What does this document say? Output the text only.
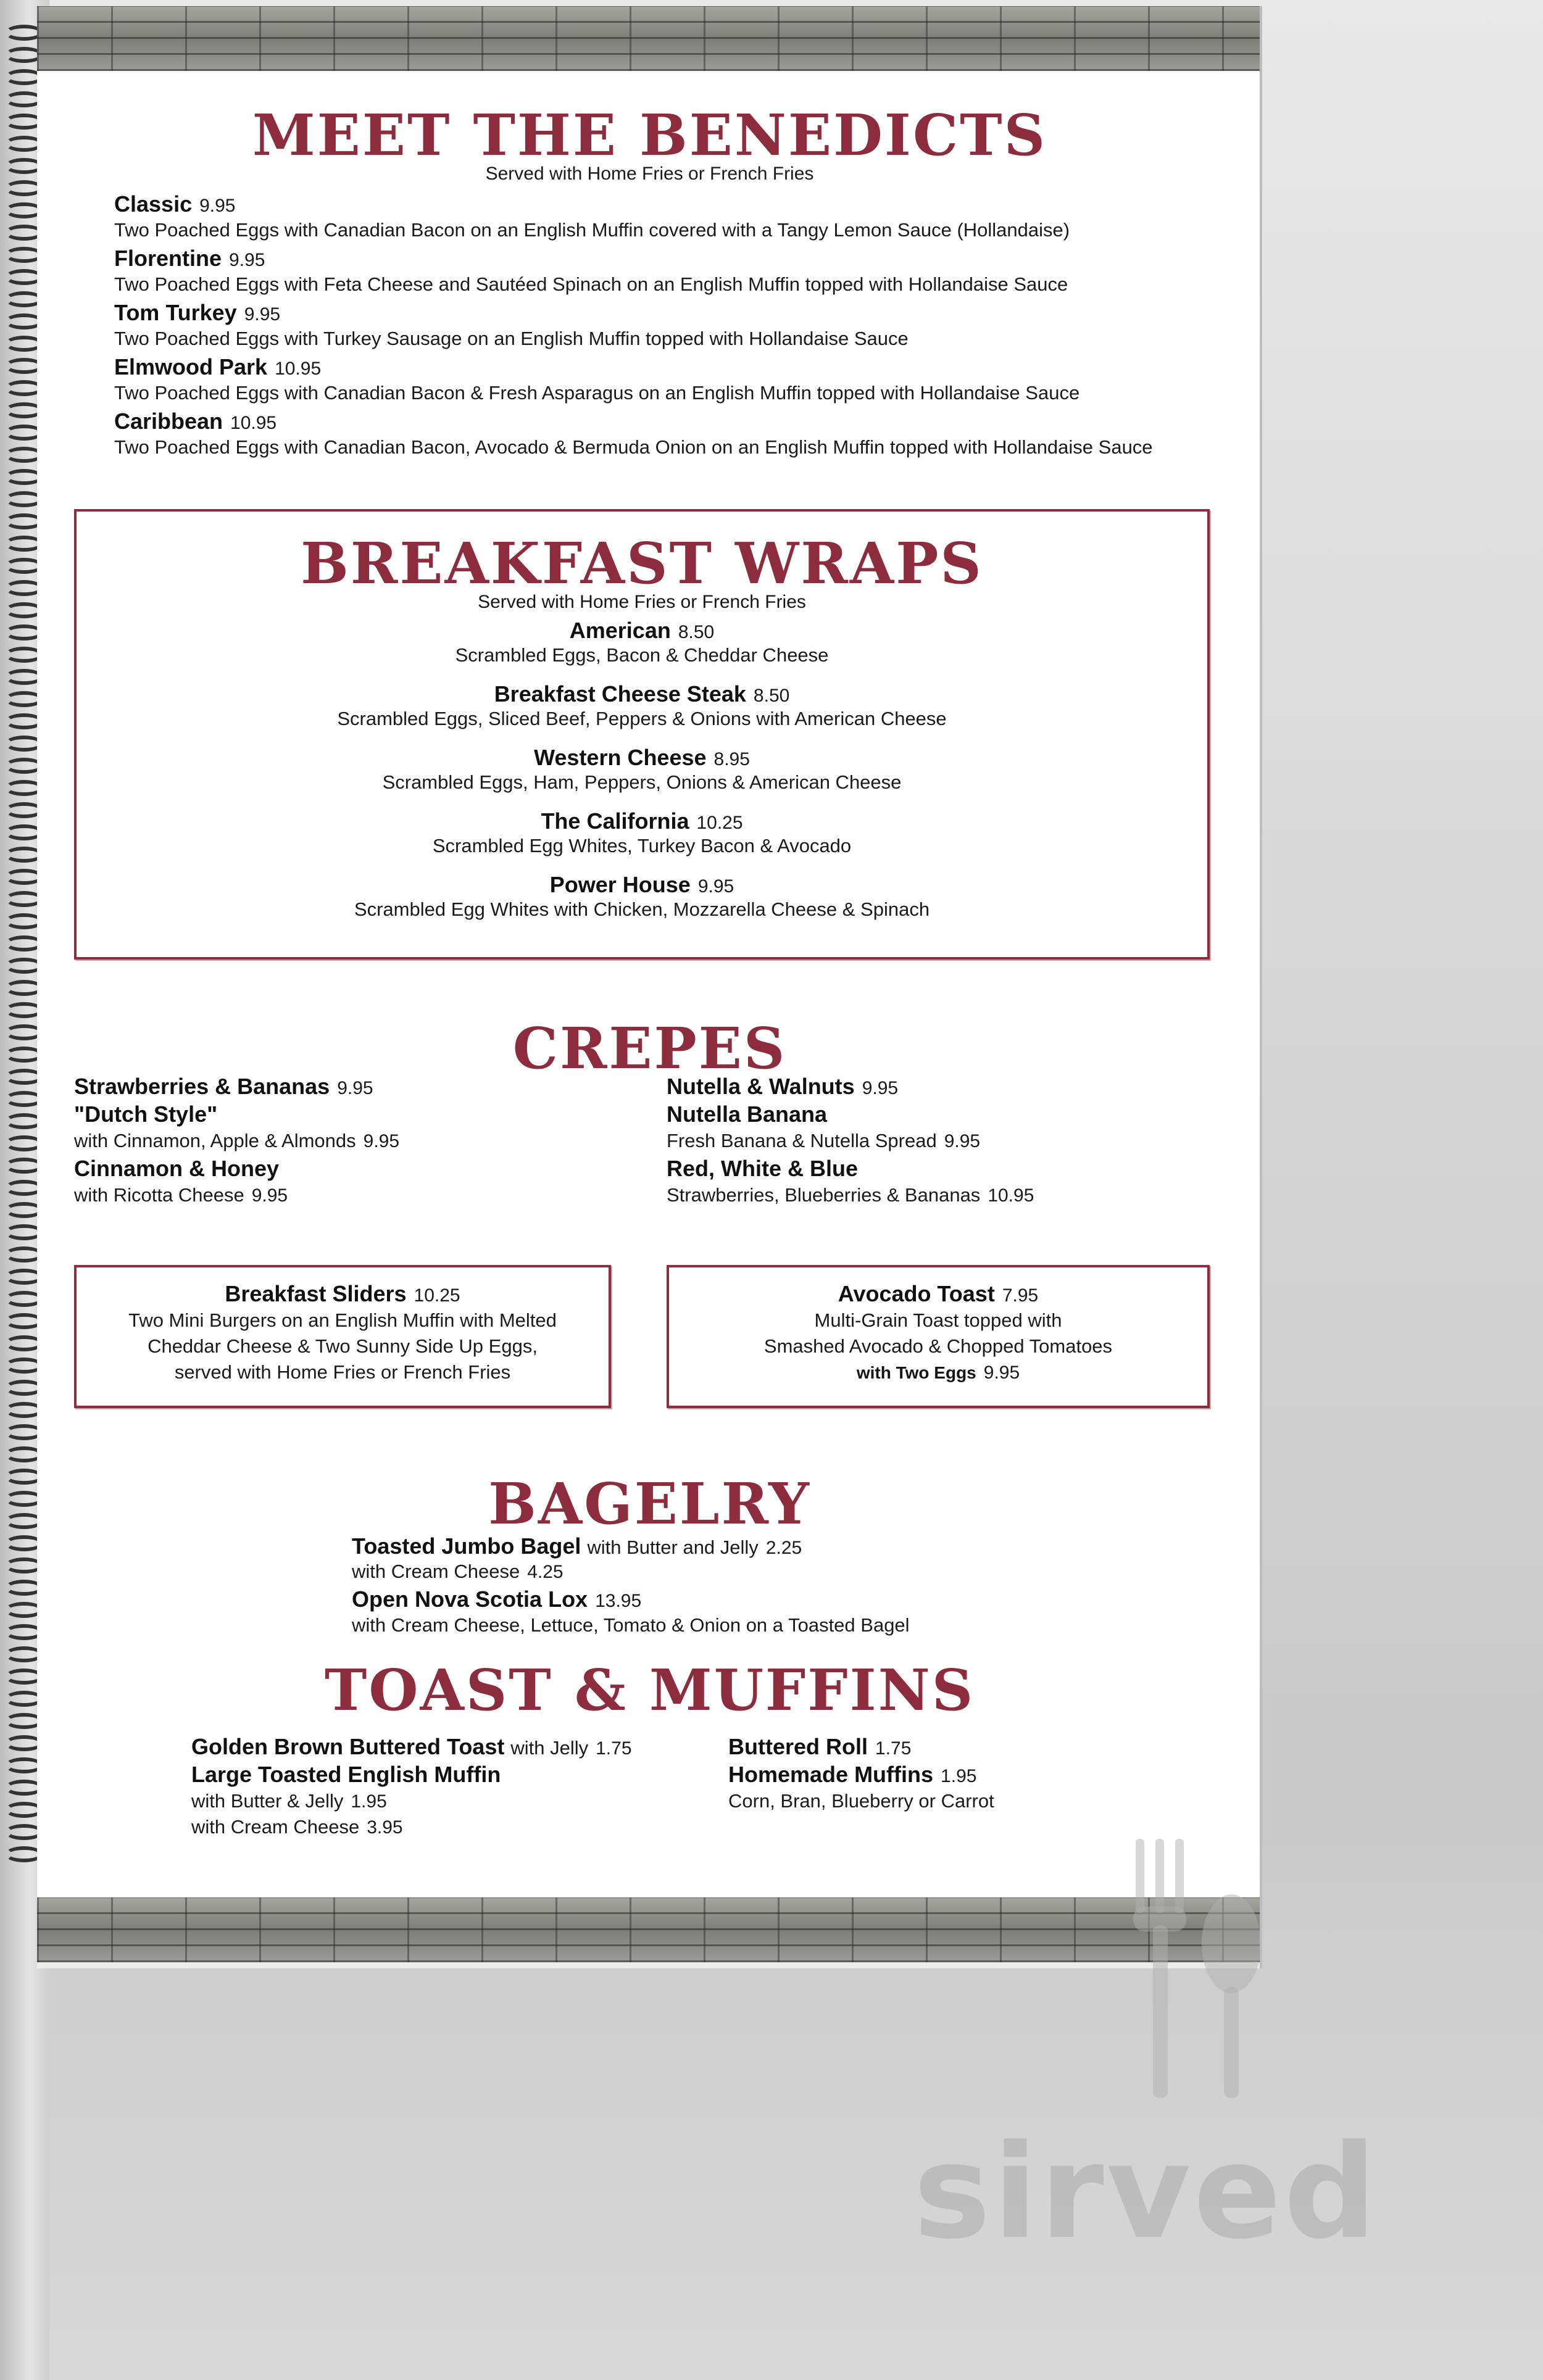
MEET THE BENEDICTS
Served with Home Fries or French Fries
Classic 9.95
Two Poached Eggs with Canadian Bacon on an English Muffin covered with a Tangy Lemon Sauce (Hollandaise)
Florentine 9.95
Two Poached Eggs with Feta Cheese and Sautéed Spinach on an English Muffin topped with Hollandaise Sauce
Tom Turkey 9.95
Two Poached Eggs with Turkey Sausage on an English Muffin topped with Hollandaise Sauce
Elmwood Park 10.95
Two Poached Eggs with Canadian Bacon & Fresh Asparagus on an English Muffin topped with Hollandaise Sauce
Caribbean 10.95
Two Poached Eggs with Canadian Bacon, Avocado & Bermuda Onion on an English Muffin topped with Hollandaise Sauce
BREAKFAST WRAPS
Served with Home Fries or French Fries
American 8.50
Scrambled Eggs, Bacon & Cheddar Cheese
Breakfast Cheese Steak 8.50
Scrambled Eggs, Sliced Beef, Peppers & Onions with American Cheese
Western Cheese 8.95
Scrambled Eggs, Ham, Peppers, Onions & American Cheese
The California 10.25
Scrambled Egg Whites, Turkey Bacon & Avocado
Power House 9.95
Scrambled Egg Whites with Chicken, Mozzarella Cheese & Spinach
CREPES
Strawberries & Bananas 9.95
"Dutch Style"
with Cinnamon, Apple & Almonds 9.95
Cinnamon & Honey
with Ricotta Cheese 9.95
Nutella & Walnuts 9.95
Nutella Banana
Fresh Banana & Nutella Spread 9.95
Red, White & Blue
Strawberries, Blueberries & Bananas 10.95
Breakfast Sliders 10.25
Two Mini Burgers on an English Muffin with Melted
Cheddar Cheese & Two Sunny Side Up Eggs,
served with Home Fries or French Fries
Avocado Toast 7.95
Multi-Grain Toast topped with
Smashed Avocado & Chopped Tomatoes
with Two Eggs 9.95
BAGELRY
Toasted Jumbo Bagel with Butter and Jelly 2.25
with Cream Cheese 4.25
Open Nova Scotia Lox 13.95
with Cream Cheese, Lettuce, Tomato & Onion on a Toasted Bagel
TOAST & MUFFINS
Golden Brown Buttered Toast with Jelly 1.75
Large Toasted English Muffin
with Butter & Jelly 1.95
with Cream Cheese 3.95
Buttered Roll 1.75
Homemade Muffins 1.95
Corn, Bran, Blueberry or Carrot
sirved
